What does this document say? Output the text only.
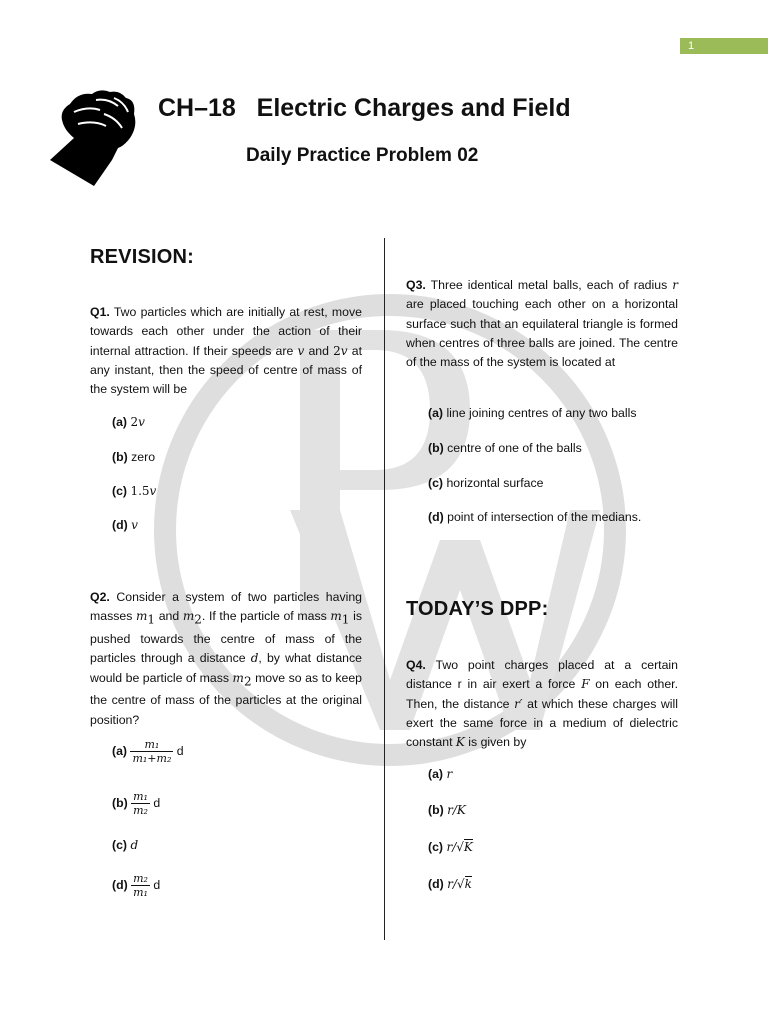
1
CH–18   Electric Charges and Field
Daily Practice Problem 02
REVISION:
Q1. Two particles which are initially at rest, move towards each other under the action of their internal attraction. If their speeds are v and 2v at any instant, then the speed of centre of mass of the system will be
(a) 2v
(b) zero
(c) 1.5v
(d) v
Q2. Consider a system of two particles having masses $m_1$ and $m_2$. If the particle of mass $m_1$ is pushed towards the centre of mass of the particles through a distance d, by what distance would be particle of mass $m_2$ move so as to keep the centre of mass of the particles at the original position?
$(a) \frac{\text{m₁}}{\text{m₁+m₂}}$ d
$(b) \frac{\text{m₁}}{\text{m₂}}$ d
(c) d
$(d) \frac{\text{m₂}}{\text{m₁}}$ d
Q3. Three identical metal balls, each of radius r are placed touching each other on a horizontal surface such that an equilateral triangle is formed when centres of three balls are joined. The centre of the mass of the system is located at
(a) line joining centres of any two balls
(b) centre of one of the balls
(c) horizontal surface
(d) point of intersection of the medians.
TODAY’S DPP:
Q4. Two point charges placed at a certain distance r in air exert a force F on each other. Then, the distance r′ at which these charges will exert the same force in a medium of dielectric constant K is given by
(a) r
(b) r/K
(c) r/√K
(d) r/√k
